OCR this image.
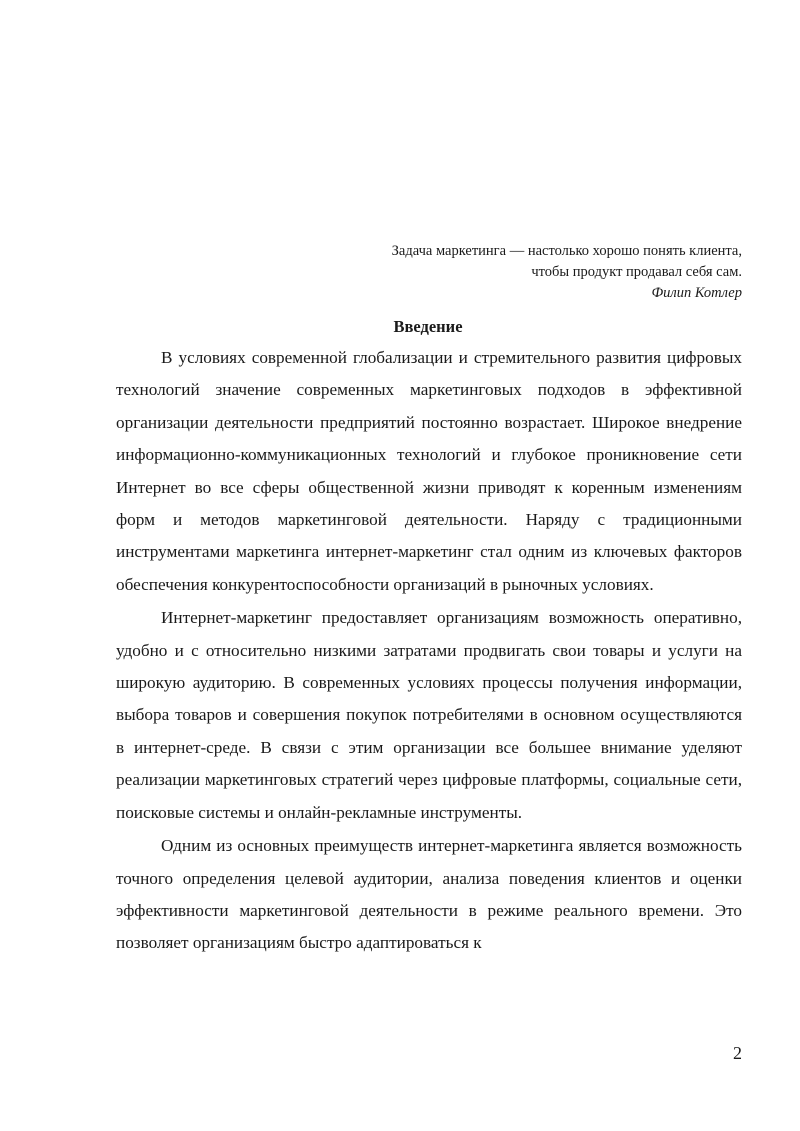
Задача маркетинга — настолько хорошо понять клиента,
чтобы продукт продавал себя сам.
Филип Котлер
Введение

В условиях современной глобализации и стремительного развития цифровых технологий значение современных маркетинговых подходов в эффективной организации деятельности предприятий постоянно возрастает. Широкое внедрение информационно-коммуникационных технологий и глубокое проникновение сети Интернет во все сферы общественной жизни приводят к коренным изменениям форм и методов маркетинговой деятельности. Наряду с традиционными инструментами маркетинга интернет-маркетинг стал одним из ключевых факторов обеспечения конкурентоспособности организаций в рыночных условиях.

Интернет-маркетинг предоставляет организациям возможность оперативно, удобно и с относительно низкими затратами продвигать свои товары и услуги на широкую аудиторию. В современных условиях процессы получения информации, выбора товаров и совершения покупок потребителями в основном осуществляются в интернет-среде. В связи с этим организации все большее внимание уделяют реализации маркетинговых стратегий через цифровые платформы, социальные сети, поисковые системы и онлайн-рекламные инструменты.

Одним из основных преимуществ интернет-маркетинга является возможность точного определения целевой аудитории, анализа поведения клиентов и оценки эффективности маркетинговой деятельности в режиме реального времени. Это позволяет организациям быстро адаптироваться к

2
